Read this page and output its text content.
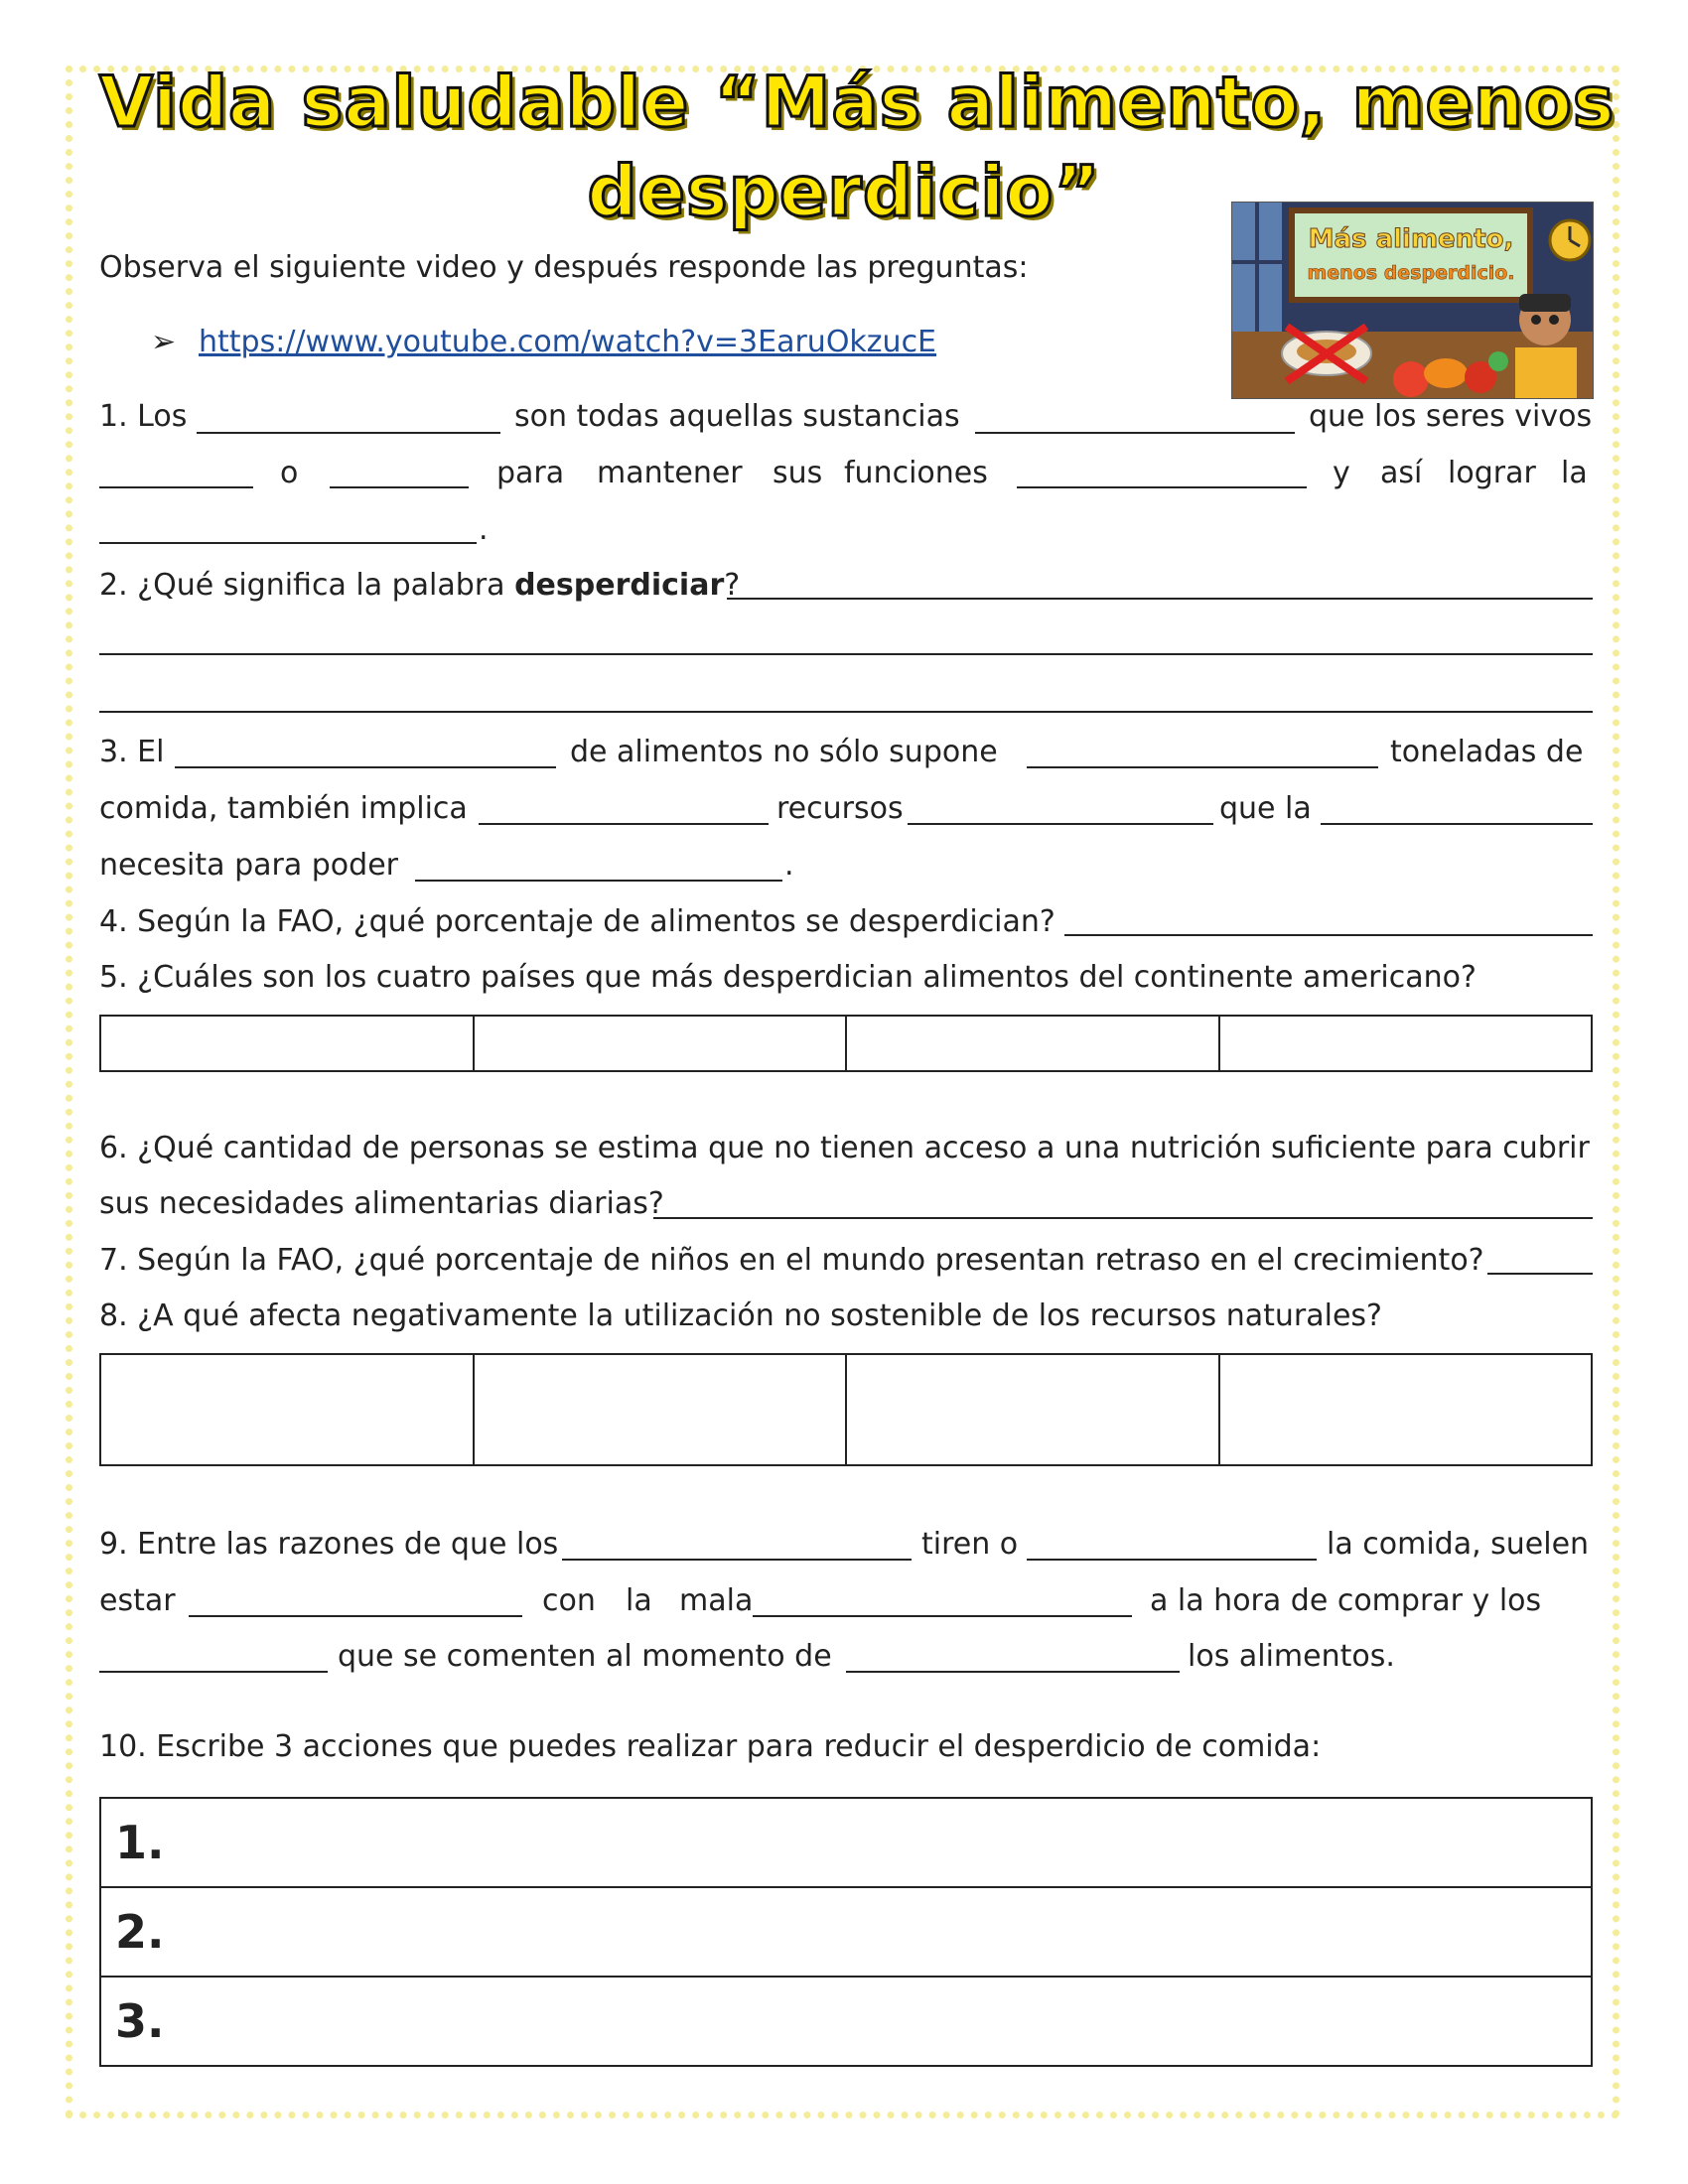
Vida saludable “Más alimento, menos
desperdicio”
Más alimento,
menos desperdicio.
Observa el siguiente video y después responde las preguntas:
➢ https://www.youtube.com/watch?v=3EaruOkzucE
1. Los	son todas aquellas sustancias	que los seres vivos
o	para mantener sus funciones	y así lograr la
.
2. ¿Qué significa la palabra desperdiciar?
3. El	de alimentos no sólo supone	toneladas de
comida, también implica	recursos	que la
necesita para poder	.
4. Según la FAO, ¿qué porcentaje de alimentos se desperdician?
5. ¿Cuáles son los cuatro países que más desperdician alimentos del continente americano?

6. ¿Qué cantidad de personas se estima que no tienen acceso a una nutrición suficiente para cubrir
sus necesidades alimentarias diarias?
7. Según la FAO, ¿qué porcentaje de niños en el mundo presentan retraso en el crecimiento?
8. ¿A qué afecta negativamente la utilización no sostenible de los recursos naturales?

9. Entre las razones de que los	tiren o	la comida, suelen
estar	con la mala	a la hora de comprar y los
que se comenten al momento de	los alimentos.
10. Escribe 3 acciones que puedes realizar para reducir el desperdicio de comida:
1.
2.
3.
